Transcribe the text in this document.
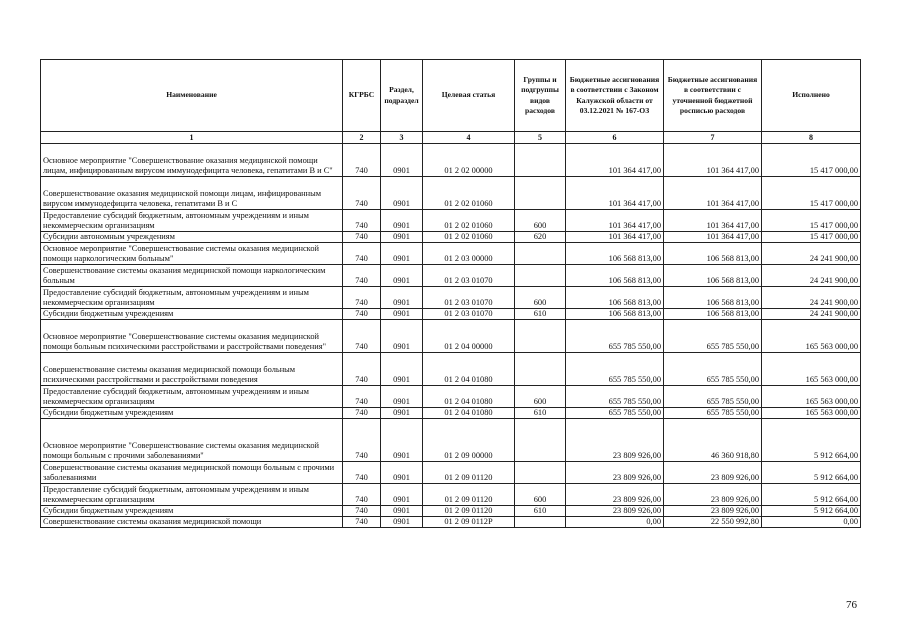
Наименование	КГРБС	Раздел, подраздел	Целевая статья	Группы и подгруппы видов расходов	Бюджетные ассигнования в соответствии с Законом Калужской области от 03.12.2021 № 167-ОЗ	Бюджетные ассигнования в соответствии с уточненной бюджетной росписью расходов	Исполнено
1	2	3	4	5	6	7	8
Основное мероприятие "Совершенствование оказания медицинской помощи лицам, инфицированным вирусом иммунодефицита человека, гепатитами В и С"	740	0901	01 2 02 00000		101 364 417,00	101 364 417,00	15 417 000,00
Совершенствование оказания медицинской помощи лицам, инфицированным вирусом иммунодефицита человека, гепатитами В и С	740	0901	01 2 02 01060		101 364 417,00	101 364 417,00	15 417 000,00
Предоставление субсидий бюджетным, автономным учреждениям и иным некоммерческим организациям	740	0901	01 2 02 01060	600	101 364 417,00	101 364 417,00	15 417 000,00
Субсидии автономным учреждениям	740	0901	01 2 02 01060	620	101 364 417,00	101 364 417,00	15 417 000,00
Основное мероприятие "Совершенствование системы оказания медицинской помощи наркологическим больным"	740	0901	01 2 03 00000		106 568 813,00	106 568 813,00	24 241 900,00
Совершенствование системы оказания медицинской помощи наркологическим больным	740	0901	01 2 03 01070		106 568 813,00	106 568 813,00	24 241 900,00
Предоставление субсидий бюджетным, автономным учреждениям и иным некоммерческим организациям	740	0901	01 2 03 01070	600	106 568 813,00	106 568 813,00	24 241 900,00
Субсидии бюджетным учреждениям	740	0901	01 2 03 01070	610	106 568 813,00	106 568 813,00	24 241 900,00
Основное мероприятие "Совершенствование системы оказания медицинской помощи больным психическими расстройствами и расстройствами поведения"	740	0901	01 2 04 00000		655 785 550,00	655 785 550,00	165 563 000,00
Совершенствование системы оказания медицинской помощи больным психическими расстройствами и расстройствами поведения	740	0901	01 2 04 01080		655 785 550,00	655 785 550,00	165 563 000,00
Предоставление субсидий бюджетным, автономным учреждениям и иным некоммерческим организациям	740	0901	01 2 04 01080	600	655 785 550,00	655 785 550,00	165 563 000,00
Субсидии бюджетным учреждениям	740	0901	01 2 04 01080	610	655 785 550,00	655 785 550,00	165 563 000,00
Основное мероприятие "Совершенствование системы оказания медицинской помощи больным с прочими заболеваниями"	740	0901	01 2 09 00000		23 809 926,00	46 360 918,80	5 912 664,00
Совершенствование системы оказания медицинской помощи больным с прочими заболеваниями	740	0901	01 2 09 01120		23 809 926,00	23 809 926,00	5 912 664,00
Предоставление субсидий бюджетным, автономным учреждениям и иным некоммерческим организациям	740	0901	01 2 09 01120	600	23 809 926,00	23 809 926,00	5 912 664,00
Субсидии бюджетным учреждениям	740	0901	01 2 09 01120	610	23 809 926,00	23 809 926,00	5 912 664,00
Совершенствование системы оказания медицинской помощи	740	0901	01 2 09 0112Р		0,00	22 550 992,80	0,00
76
